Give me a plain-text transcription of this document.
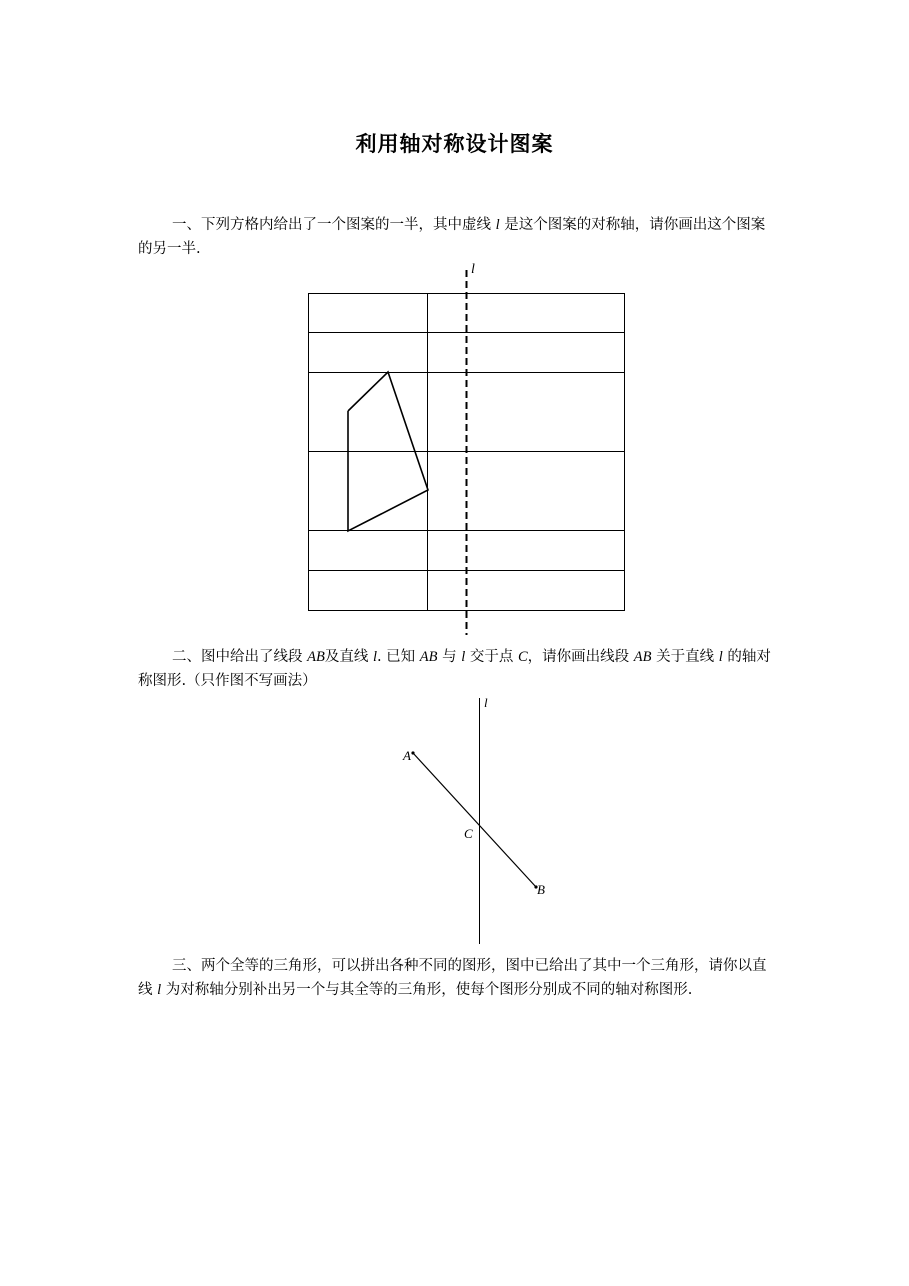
利用轴对称设计图案

一、下列方格内给出了一个图案的一半，其中虚线 l 是这个图案的对称轴，请你画出这个图案的另一半.

l

二、图中给出了线段 AB及直线 l. 已知 AB 与 l 交于点 C，请你画出线段 AB 关于直线 l 的轴对称图形.（只作图不写画法）

l
A
C
B

三、两个全等的三角形，可以拼出各种不同的图形，图中已给出了其中一个三角形，请你以直线 l 为对称轴分别补出另一个与其全等的三角形，使每个图形分别成不同的轴对称图形.
